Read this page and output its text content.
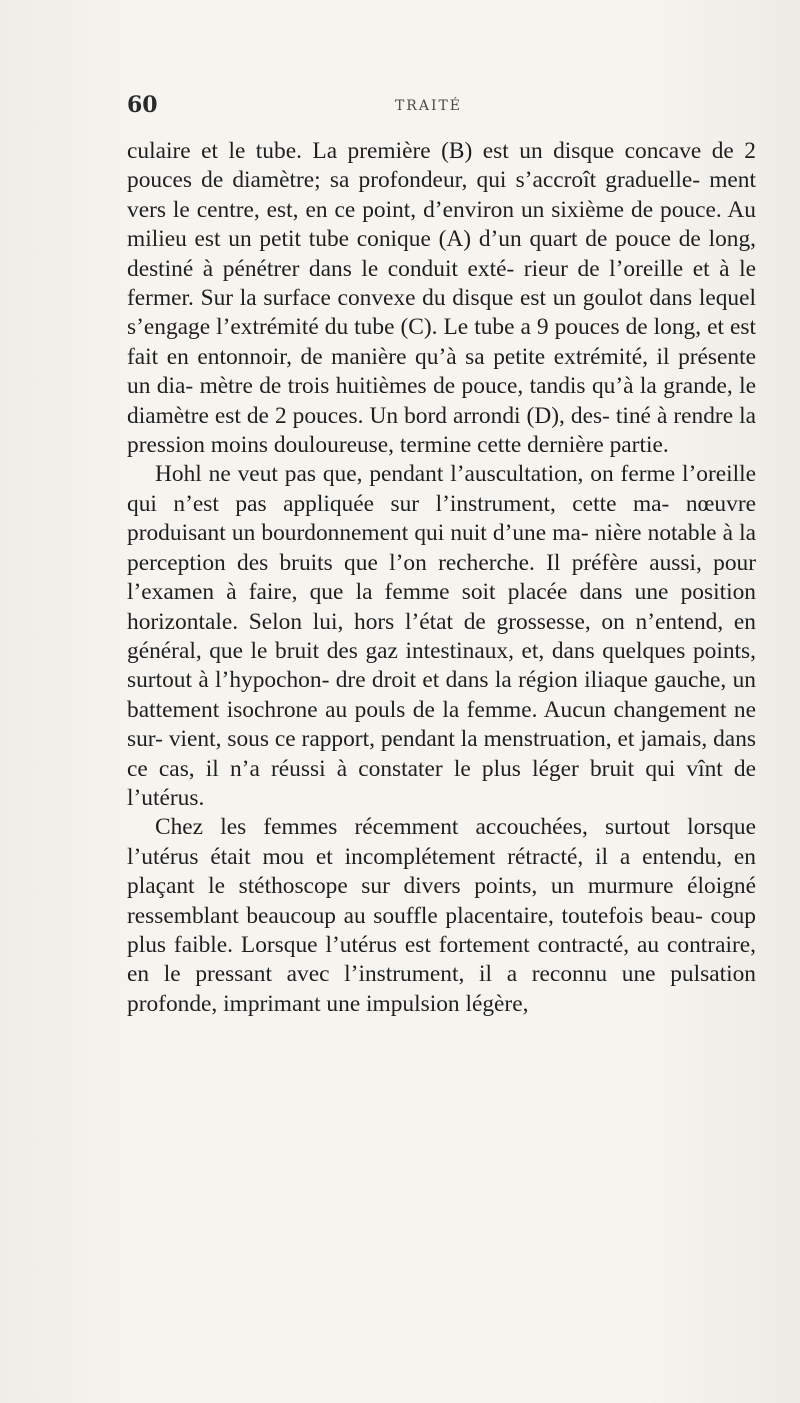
60	TRAITÉ

culaire et le tube. La première (B) est un disque concave de 2 pouces de diamètre; sa profondeur, qui s’accroît graduelle- ment vers le centre, est, en ce point, d’environ un sixième de pouce. Au milieu est un petit tube conique (A) d’un quart de pouce de long, destiné à pénétrer dans le conduit exté- rieur de l’oreille et à le fermer. Sur la surface convexe du disque est un goulot dans lequel s’engage l’extrémité du tube (C). Le tube a 9 pouces de long, et est fait en entonnoir, de manière qu’à sa petite extrémité, il présente un dia- mètre de trois huitièmes de pouce, tandis qu’à la grande, le diamètre est de 2 pouces. Un bord arrondi (D), des- tiné à rendre la pression moins douloureuse, termine cette dernière partie.

Hohl ne veut pas que, pendant l’auscultation, on ferme l’oreille qui n’est pas appliquée sur l’instrument, cette ma- nœuvre produisant un bourdonnement qui nuit d’une ma- nière notable à la perception des bruits que l’on recherche. Il préfère aussi, pour l’examen à faire, que la femme soit placée dans une position horizontale. Selon lui, hors l’état de grossesse, on n’entend, en général, que le bruit des gaz intestinaux, et, dans quelques points, surtout à l’hypochon- dre droit et dans la région iliaque gauche, un battement isochrone au pouls de la femme. Aucun changement ne sur- vient, sous ce rapport, pendant la menstruation, et jamais, dans ce cas, il n’a réussi à constater le plus léger bruit qui vînt de l’utérus.

Chez les femmes récemment accouchées, surtout lorsque l’utérus était mou et incomplétement rétracté, il a entendu, en plaçant le stéthoscope sur divers points, un murmure éloigné ressemblant beaucoup au souffle placentaire, toutefois beau- coup plus faible. Lorsque l’utérus est fortement contracté, au contraire, en le pressant avec l’instrument, il a reconnu une pulsation profonde, imprimant une impulsion légère,
